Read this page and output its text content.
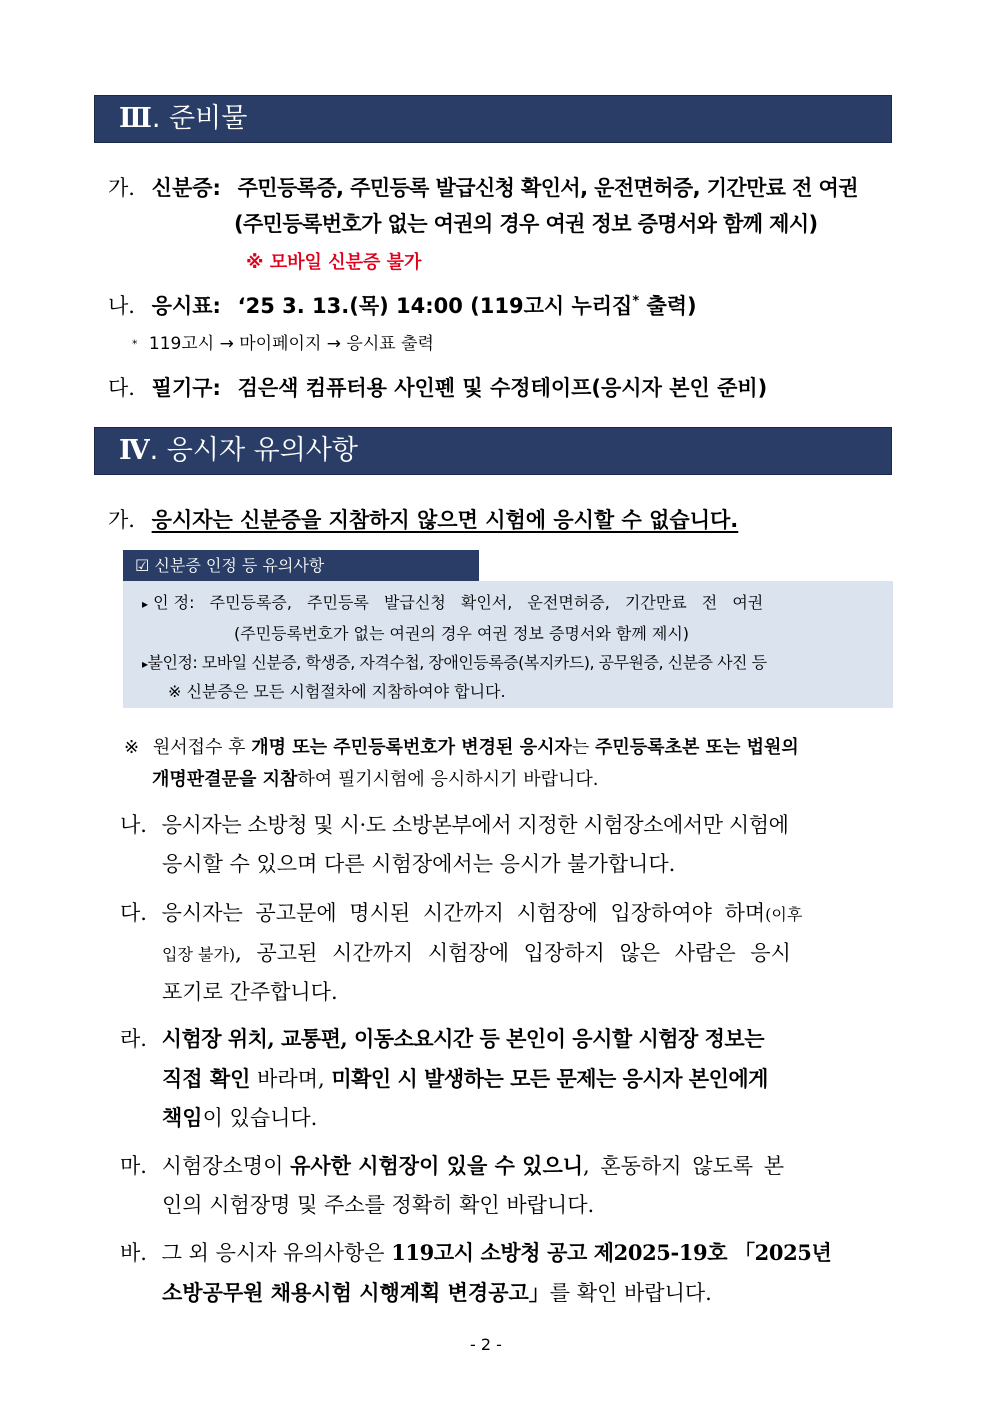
Ⅲ. 준비물
가. 신분증: 주민등록증, 주민등록 발급신청 확인서, 운전면허증, 기간만료 전 여권
(주민등록번호가 없는 여권의 경우 여권 정보 증명서와 함께 제시)
※ 모바일 신분증 불가
나. 응시표: ‘25 3. 13.(목) 14:00 (119고시 누리집* 출력)
* 119고시 → 마이페이지 → 응시표 출력
다. 필기구: 검은색 컴퓨터용 사인펜 및 수정테이프(응시자 본인 준비)
Ⅳ. 응시자 유의사항
가. 응시자는 신분증을 지참하지 않으면 시험에 응시할 수 없습니다.
☑ 신분증 인정 등 유의사항
▸ 인 정: 주민등록증, 주민등록 발급신청 확인서, 운전면허증, 기간만료 전 여권
(주민등록번호가 없는 여권의 경우 여권 정보 증명서와 함께 제시)
▸불인정: 모바일 신분증, 학생증, 자격수첩, 장애인등록증(복지카드), 공무원증, 신분증 사진 등
※ 신분증은 모든 시험절차에 지참하여야 합니다.
※ 원서접수 후 개명 또는 주민등록번호가 변경된 응시자는 주민등록초본 또는 법원의
개명판결문을 지참하여 필기시험에 응시하시기 바랍니다.
나. 응시자는 소방청 및 시·도 소방본부에서 지정한 시험장소에서만 시험에
응시할 수 있으며 다른 시험장에서는 응시가 불가합니다.
다. 응시자는 공고문에 명시된 시간까지 시험장에 입장하여야 하며(이후
입장 불가), 공고된 시간까지 시험장에 입장하지 않은 사람은 응시
포기로 간주합니다.
라. 시험장 위치, 교통편, 이동소요시간 등 본인이 응시할 시험장 정보는
직접 확인 바라며, 미확인 시 발생하는 모든 문제는 응시자 본인에게
책임이 있습니다.
마. 시험장소명이 유사한 시험장이 있을 수 있으니, 혼동하지 않도록 본
인의 시험장명 및 주소를 정확히 확인 바랍니다.
바. 그 외 응시자 유의사항은 119고시 소방청 공고 제2025-19호 「2025년
소방공무원 채용시험 시행계획 변경공고」를 확인 바랍니다.
- 2 -
